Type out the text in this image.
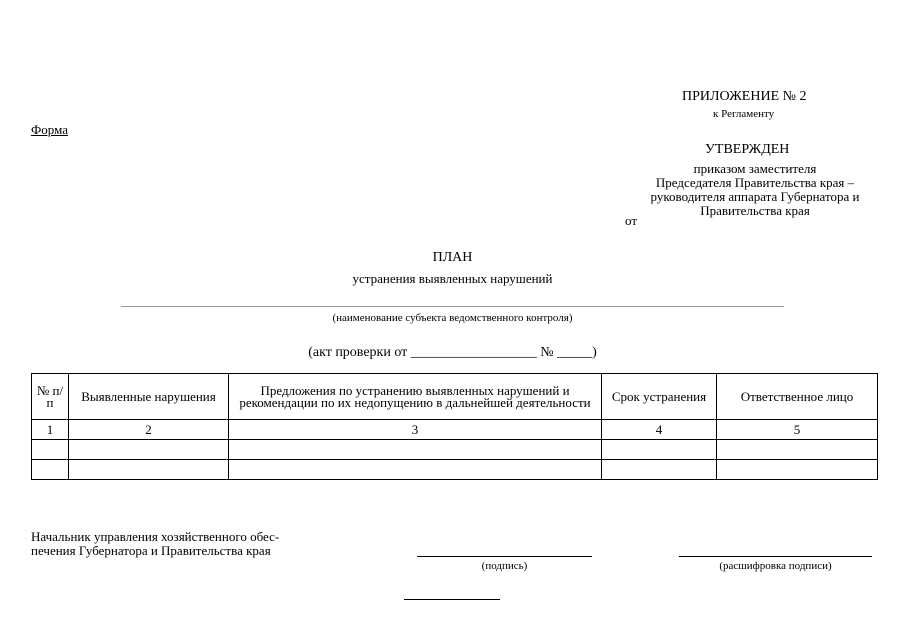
ПРИЛОЖЕНИЕ № 2
к Регламенту
Форма
УТВЕРЖДЕН
приказом заместителя
Председателя Правительства края –
руководителя аппарата Губернатора и
Правительства края
от
ПЛАН
устранения выявленных нарушений
(наименование субъекта ведомственного контроля)
(акт проверки от __________________ № _____)
№ п/п	Выявленные нарушения	Предложения по устранению выявленных нарушений и рекомендации по их недопущению в дальнейшей деятельности	Срок устранения	Ответственное лицо
1	2	3	4	5

Начальник управления хозяйственного обес-
печения Губернатора и Правительства края
(подпись)	(расшифровка подписи)
